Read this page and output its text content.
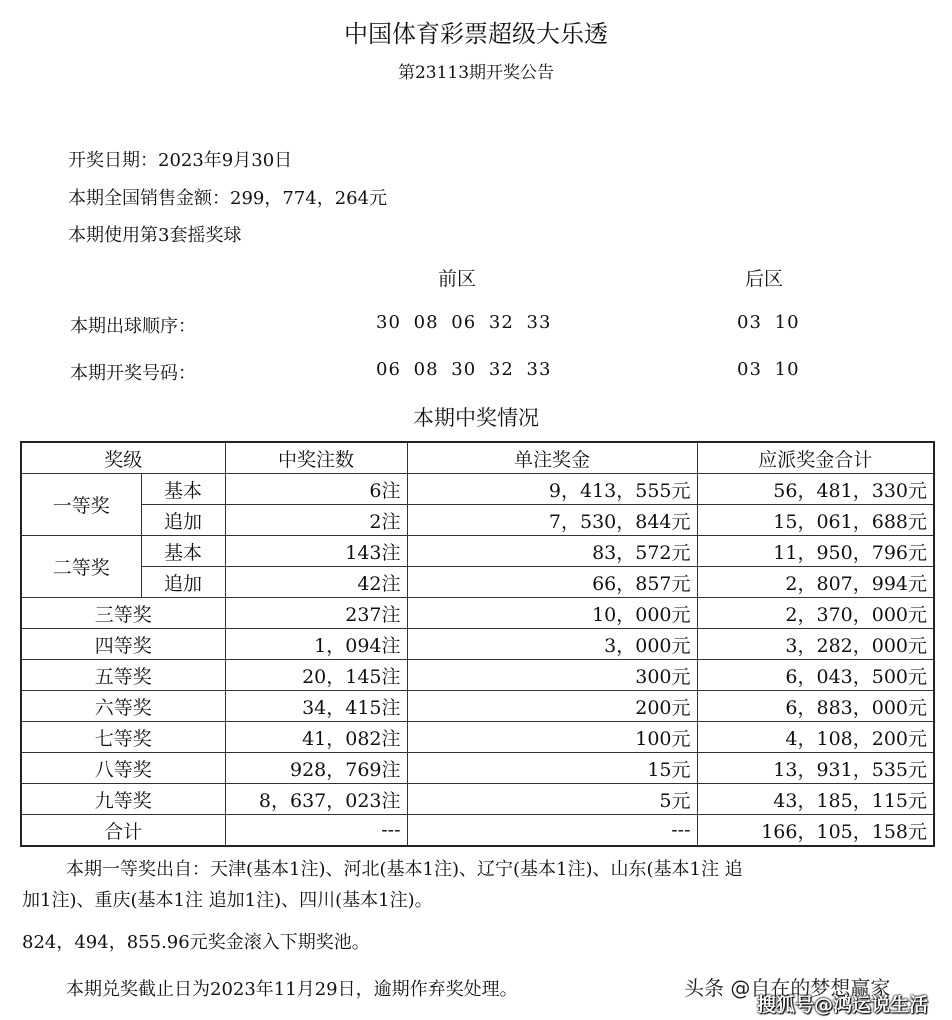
中国体育彩票超级大乐透
第23113期开奖公告
开奖日期：2023年9月30日
本期全国销售金额：299，774，264元
本期使用第3套摇奖球
前区	后区
本期出球顺序：	30 08 06 32 33	03 10
本期开奖号码：	06 08 30 32 33	03 10
本期中奖情况
奖级		中奖注数	单注奖金	应派奖金合计
一等奖	基本	6注	9，413，555元	56，481，330元
	追加	2注	7，530，844元	15，061，688元
二等奖	基本	143注	83，572元	11，950，796元
	追加	42注	66，857元	2，807，994元
三等奖		237注	10，000元	2，370，000元
四等奖		1，094注	3，000元	3，282，000元
五等奖		20，145注	300元	6，043，500元
六等奖		34，415注	200元	6，883，000元
七等奖		41，082注	100元	4，108，200元
八等奖		928，769注	15元	13，931，535元
九等奖		8，637，023注	5元	43，185，115元
合计		---	---	166，105，158元
本期一等奖出自：天津(基本1注)、河北(基本1注)、辽宁(基本1注)、山东(基本1注 追
加1注)、重庆(基本1注 追加1注)、四川(基本1注)。
824，494，855.96元奖金滚入下期奖池。
本期兑奖截止日为2023年11月29日，逾期作弃奖处理。	头条 @自在的梦想赢家
搜狐号@鸿运说生活
